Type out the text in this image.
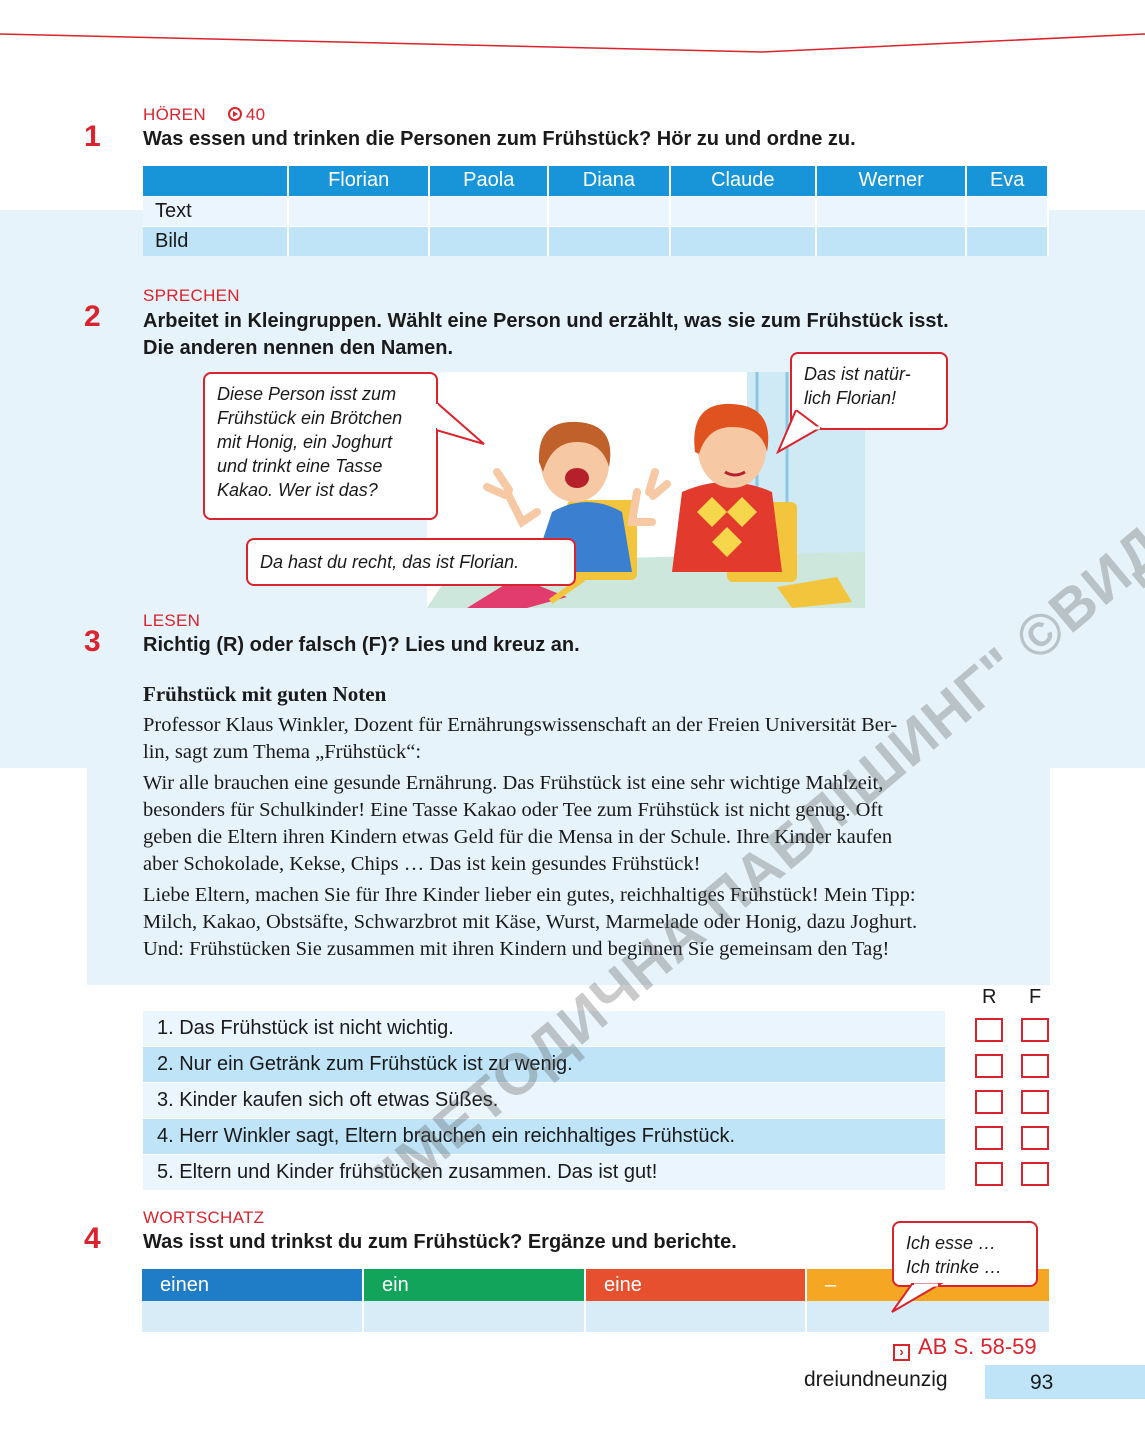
HÖREN 40
1 Was essen und trinken die Personen zum Frühstück? Hör zu und ordne zu.
	Florian	Paola	Diana	Claude	Werner	Eva
Text						
Bild						
SPRECHEN
2 Arbeitet in Kleingruppen. Wählt eine Person und erzählt, was sie zum Frühstück isst.
Die anderen nennen den Namen.
Diese Person isst zum
Frühstück ein Brötchen
mit Honig, ein Joghurt
und trinkt eine Tasse
Kakao. Wer ist das?
Das ist natür-
lich Florian!
Da hast du recht, das ist Florian.
LESEN
3 Richtig (R) oder falsch (F)? Lies und kreuz an.
Frühstück mit guten Noten

Professor Klaus Winkler, Dozent für Ernährungswissenschaft an der Freien Universität Ber-
lin, sagt zum Thema „Frühstück“:

Wir alle brauchen eine gesunde Ernährung. Das Frühstück ist eine sehr wichtige Mahlzeit,
besonders für Schulkinder! Eine Tasse Kakao oder Tee zum Frühstück ist nicht genug. Oft
geben die Eltern ihren Kindern etwas Geld für die Mensa in der Schule. Ihre Kinder kaufen
aber Schokolade, Kekse, Chips … Das ist kein gesundes Frühstück!

Liebe Eltern, machen Sie für Ihre Kinder lieber ein gutes, reichhaltiges Frühstück! Mein Tipp:
Milch, Kakao, Obstsäfte, Schwarzbrot mit Käse, Wurst, Marmelade oder Honig, dazu Joghurt.
Und: Frühstücken Sie zusammen mit ihren Kindern und beginnen Sie gemeinsam den Tag!

R F
1. Das Frühstück ist nicht wichtig.
2. Nur ein Getränk zum Frühstück ist zu wenig.
3. Kinder kaufen sich oft etwas Süßes.
4. Herr Winkler sagt, Eltern brauchen ein reichhaltiges Frühstück.
5. Eltern und Kinder frühstücken zusammen. Das ist gut!
WORTSCHATZ
4 Was isst und trinkst du zum Frühstück? Ergänze und berichte.
einen	ein	eine	–
Ich esse …
Ich trinke …
› AB S. 58-59
dreiundneunzig	93
"МЕТОДИЧНА ПАБЛІШИНГ"
